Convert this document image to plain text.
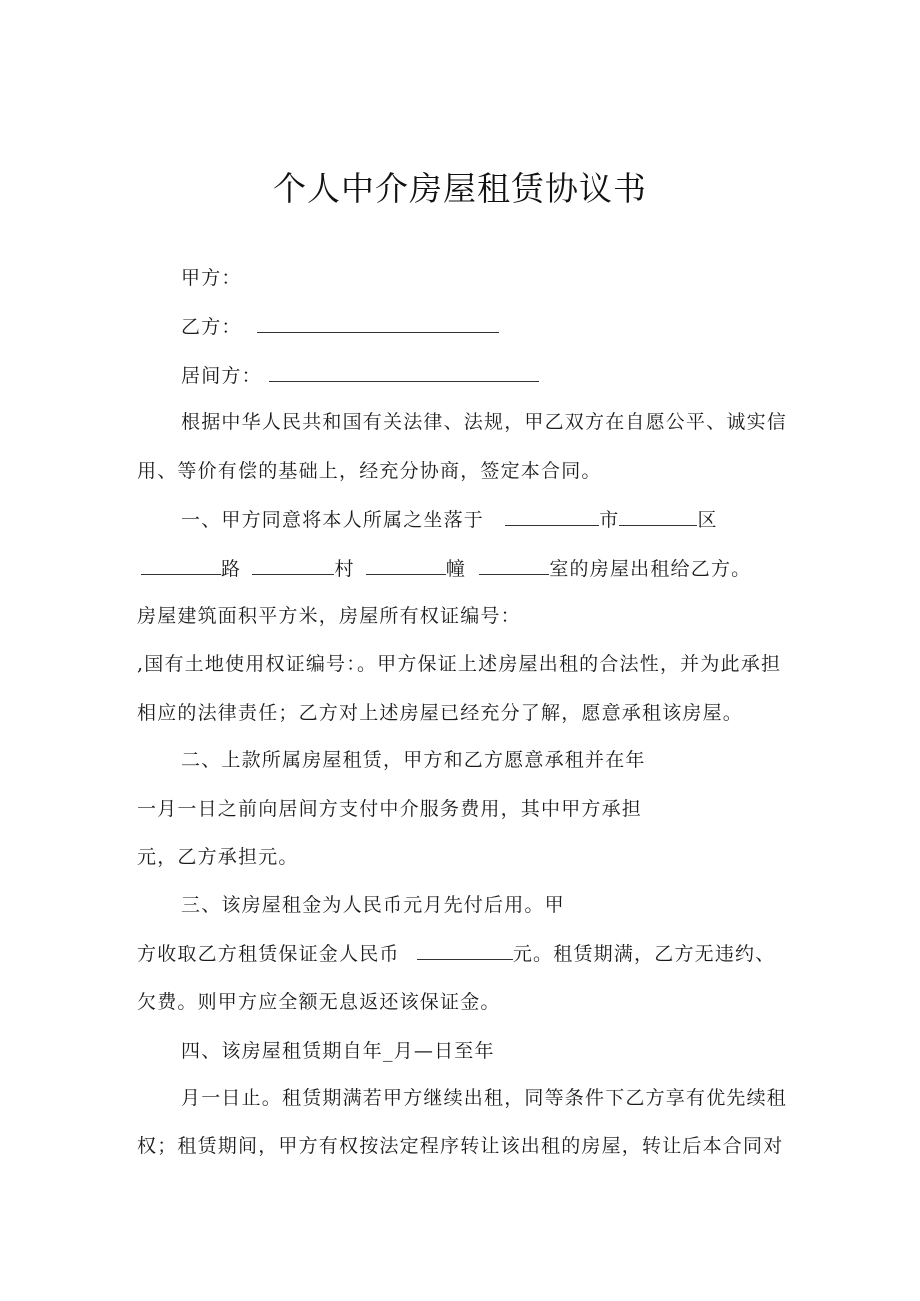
个人中介房屋租赁协议书
甲方：
乙方：
居间方：
根据中华人民共和国有关法律、法规，甲乙双方在自愿公平、诚实信
用、等价有偿的基础上，经充分协商，签定本合同。
一、甲方同意将本人所属之坐落于	市	区
路	村	幢	室的房屋出租给乙方。
房屋建筑面积平方米，房屋所有权证编号：
,国有土地使用权证编号：。甲方保证上述房屋出租的合法性，并为此承担
相应的法律责任；乙方对上述房屋已经充分了解，愿意承租该房屋。
二、上款所属房屋租赁，甲方和乙方愿意承租并在年
一月一日之前向居间方支付中介服务费用，其中甲方承担
元，乙方承担元。
三、该房屋租金为人民币元月先付后用。甲
方收取乙方租赁保证金人民币	元。租赁期满，乙方无违约、
欠费。则甲方应全额无息返还该保证金。
四、该房屋租赁期自年_月—日至年
月一日止。租赁期满若甲方继续出租，同等条件下乙方享有优先续租
权；租赁期间，甲方有权按法定程序转让该出租的房屋，转让后本合同对
